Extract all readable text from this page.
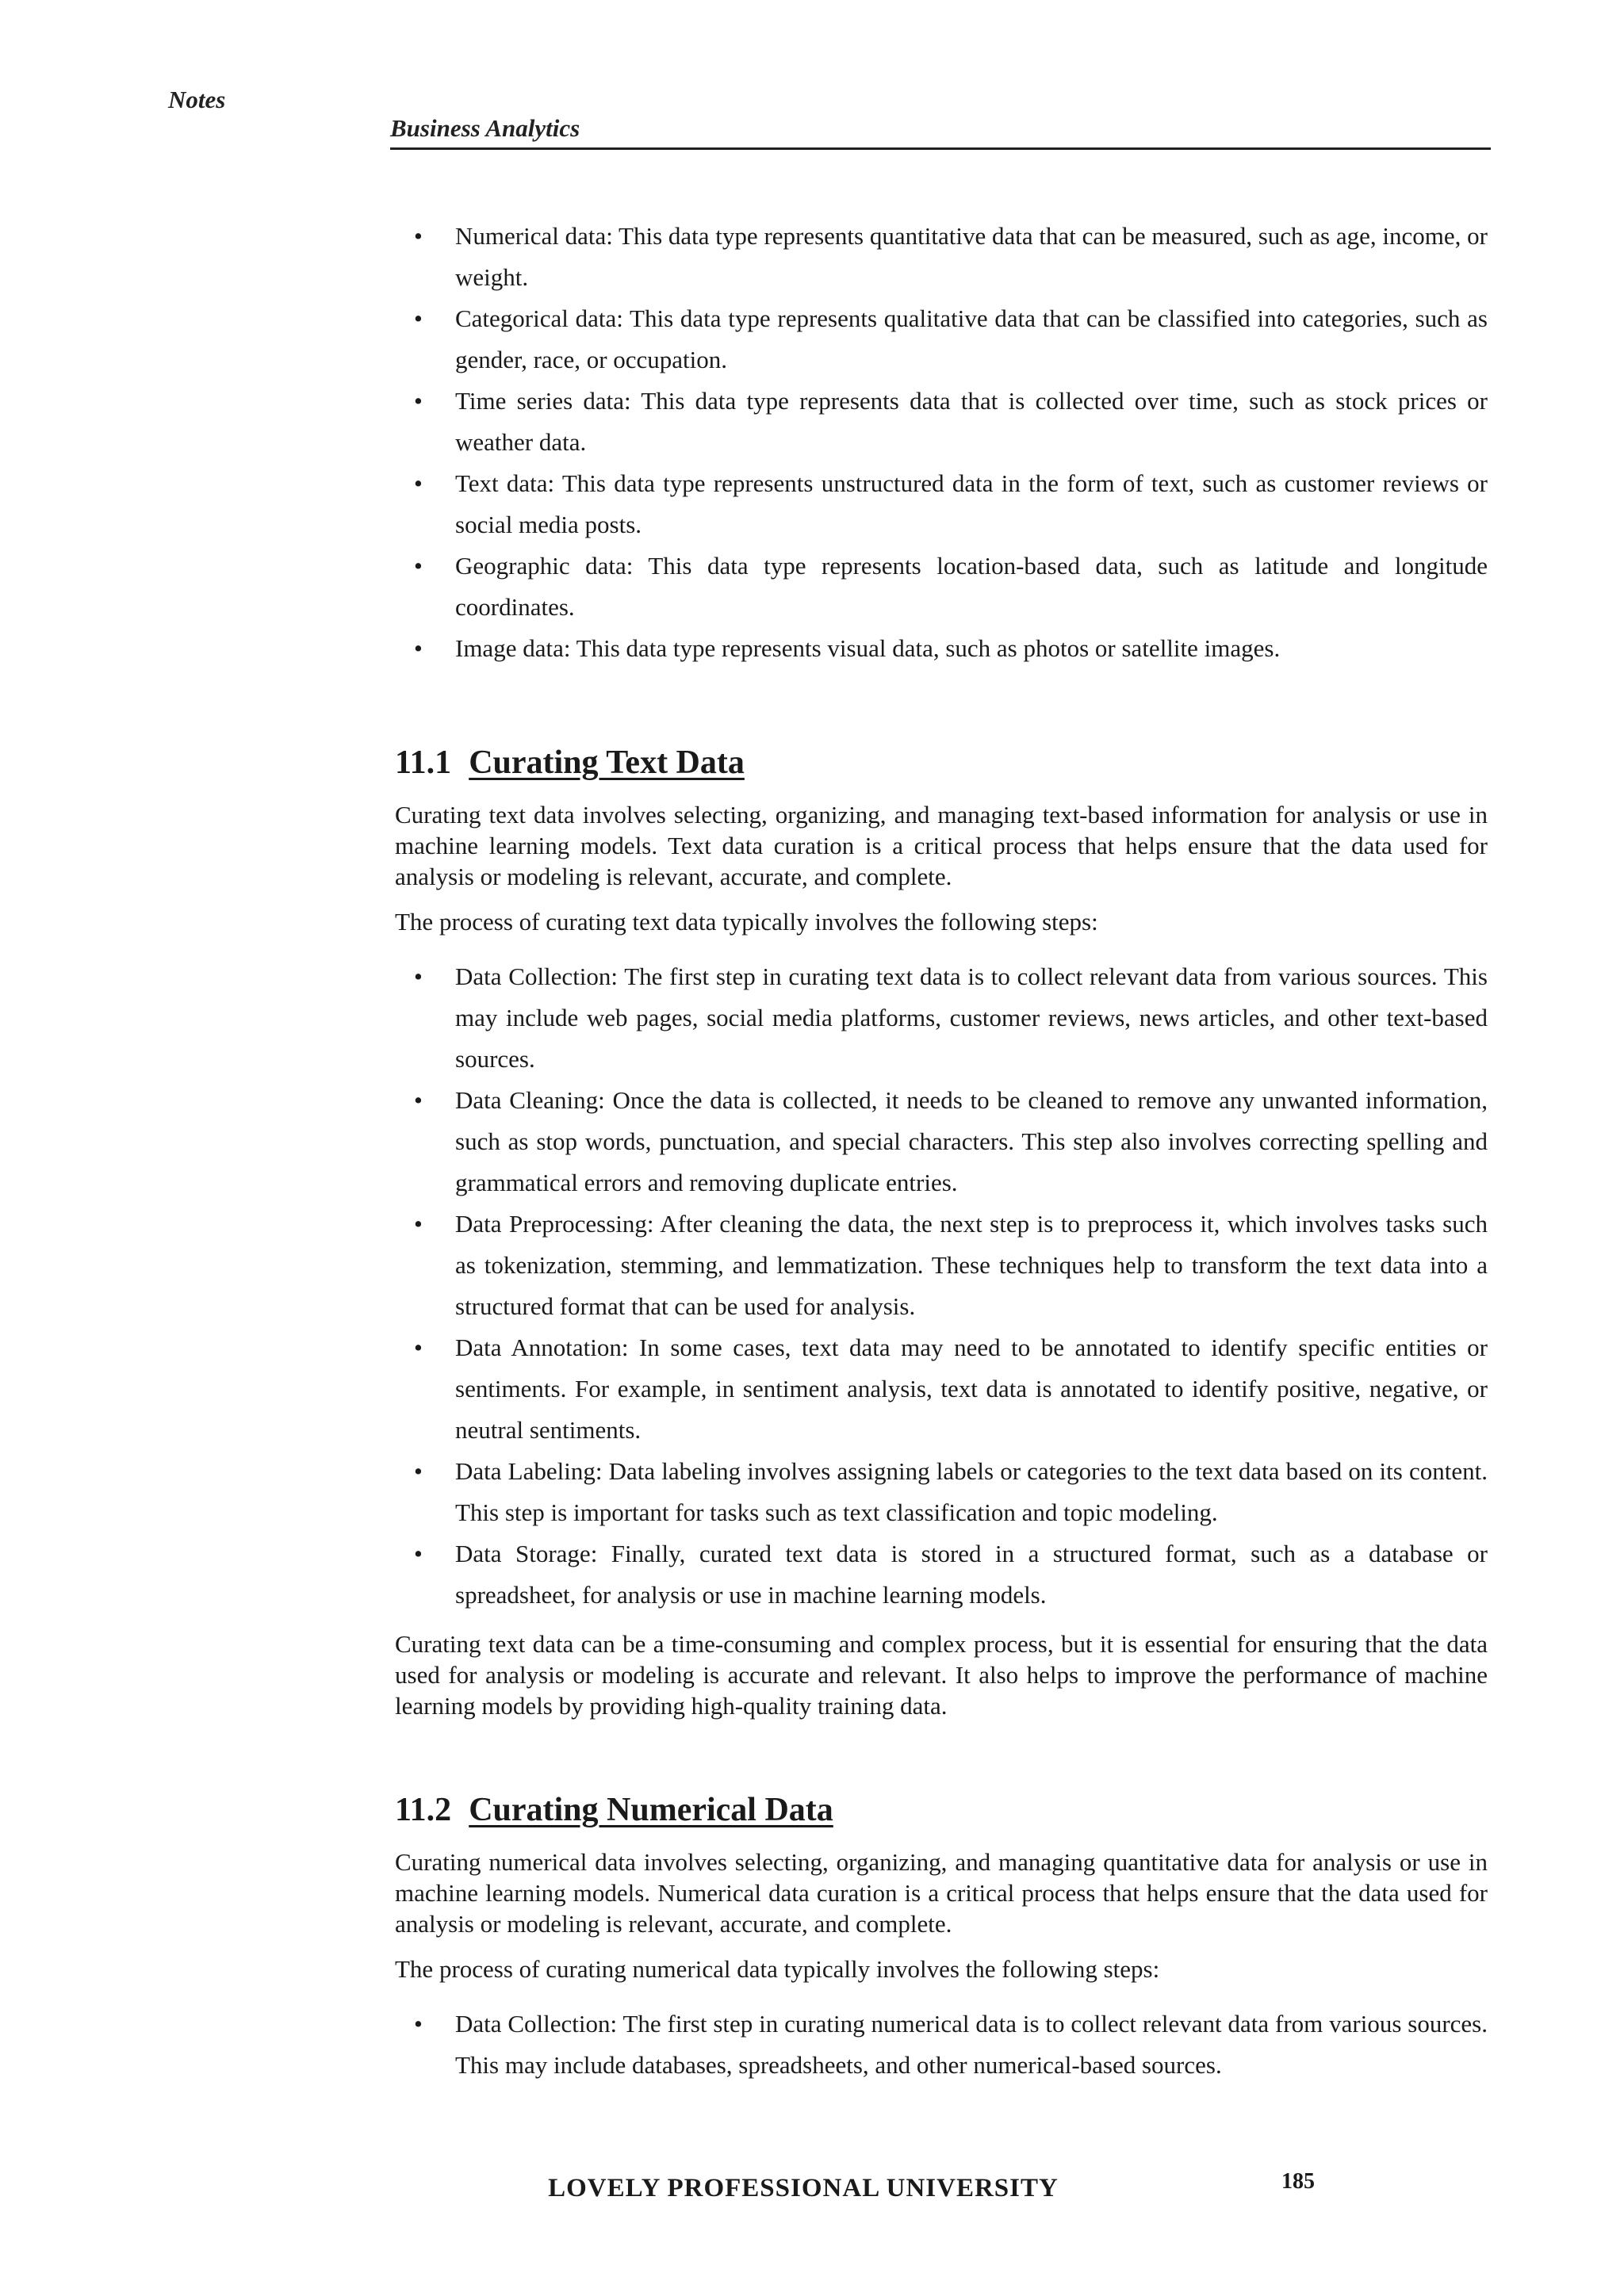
Notes
Business Analytics
• Numerical data: This data type represents quantitative data that can be measured, such as age, income, or weight.
• Categorical data: This data type represents qualitative data that can be classified into categories, such as gender, race, or occupation.
• Time series data: This data type represents data that is collected over time, such as stock prices or weather data.
• Text data: This data type represents unstructured data in the form of text, such as customer reviews or social media posts.
• Geographic data: This data type represents location-based data, such as latitude and longitude coordinates.
• Image data: This data type represents visual data, such as photos or satellite images.
11.1 Curating Text Data

Curating text data involves selecting, organizing, and managing text-based information for analysis or use in machine learning models. Text data curation is a critical process that helps ensure that the data used for analysis or modeling is relevant, accurate, and complete.

The process of curating text data typically involves the following steps:

• Data Collection: The first step in curating text data is to collect relevant data from various sources. This may include web pages, social media platforms, customer reviews, news articles, and other text-based sources.
• Data Cleaning: Once the data is collected, it needs to be cleaned to remove any unwanted information, such as stop words, punctuation, and special characters. This step also involves correcting spelling and grammatical errors and removing duplicate entries.
• Data Preprocessing: After cleaning the data, the next step is to preprocess it, which involves tasks such as tokenization, stemming, and lemmatization. These techniques help to transform the text data into a structured format that can be used for analysis.
• Data Annotation: In some cases, text data may need to be annotated to identify specific entities or sentiments. For example, in sentiment analysis, text data is annotated to identify positive, negative, or neutral sentiments.
• Data Labeling: Data labeling involves assigning labels or categories to the text data based on its content. This step is important for tasks such as text classification and topic modeling.
• Data Storage: Finally, curated text data is stored in a structured format, such as a database or spreadsheet, for analysis or use in machine learning models.

Curating text data can be a time-consuming and complex process, but it is essential for ensuring that the data used for analysis or modeling is accurate and relevant. It also helps to improve the performance of machine learning models by providing high-quality training data.

11.2 Curating Numerical Data

Curating numerical data involves selecting, organizing, and managing quantitative data for analysis or use in machine learning models. Numerical data curation is a critical process that helps ensure that the data used for analysis or modeling is relevant, accurate, and complete.

The process of curating numerical data typically involves the following steps:

• Data Collection: The first step in curating numerical data is to collect relevant data from various sources. This may include databases, spreadsheets, and other numerical-based sources.
LOVELY PROFESSIONAL UNIVERSITY	185
